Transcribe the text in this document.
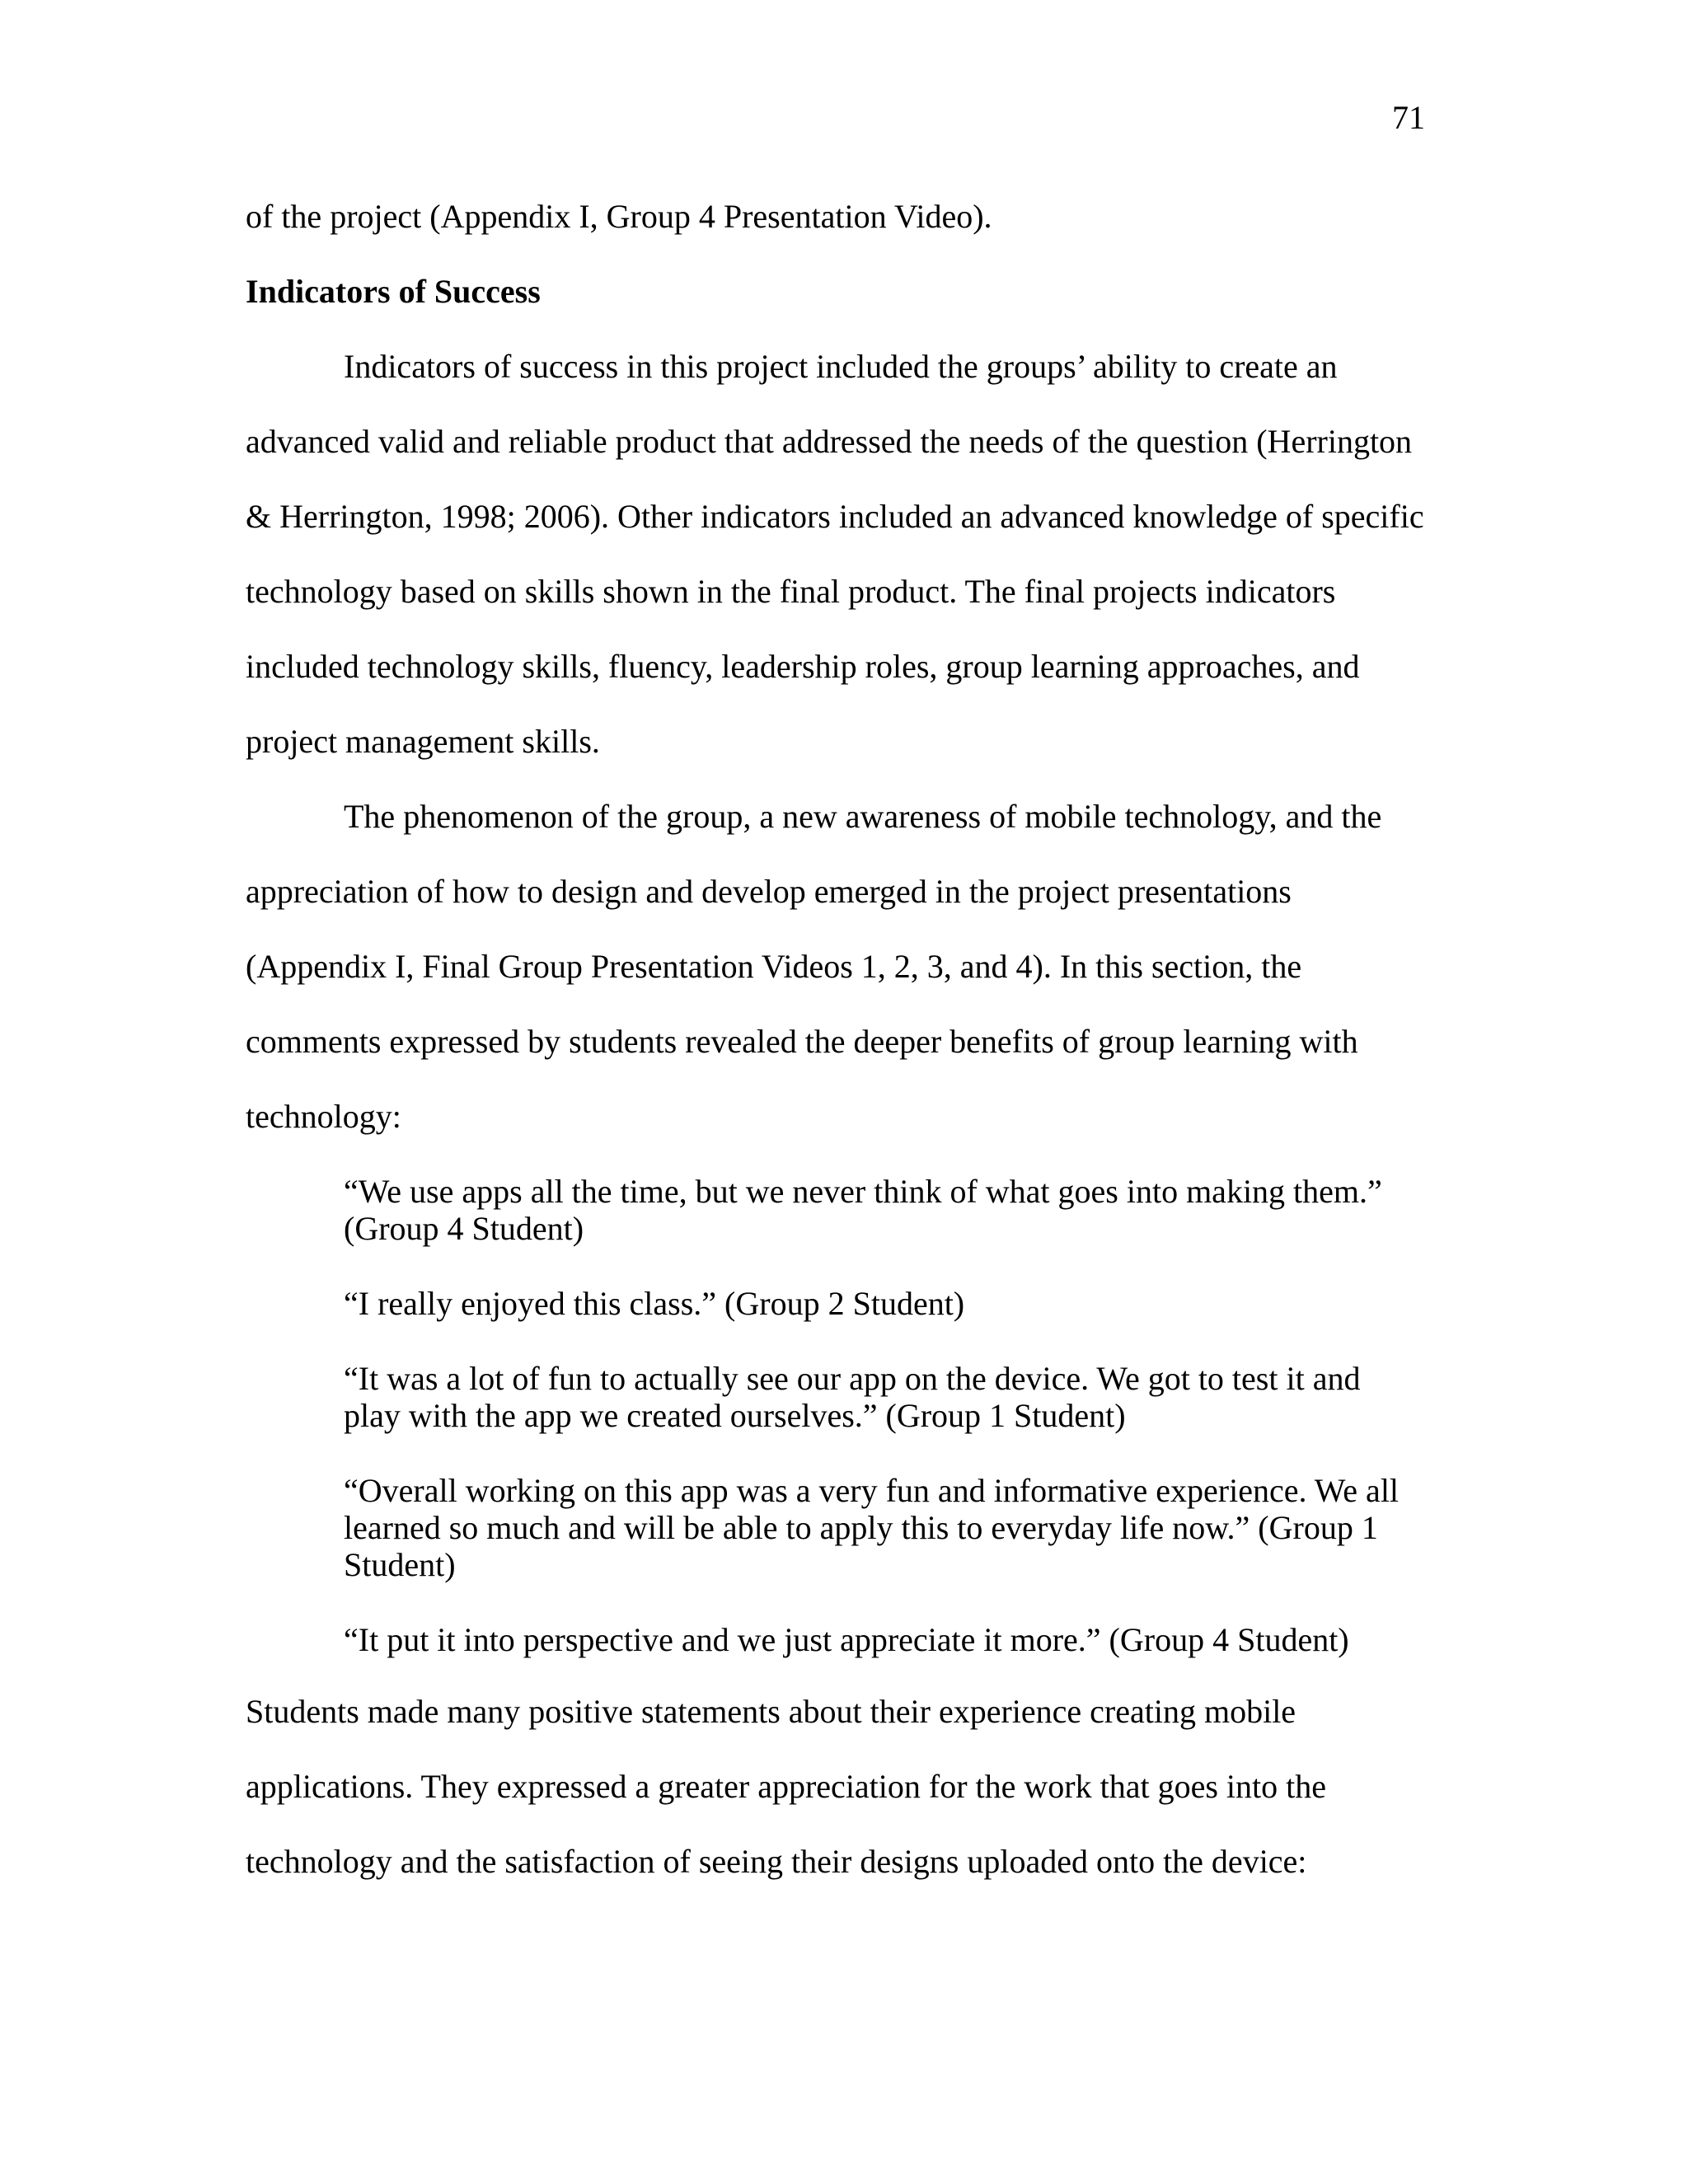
71

of the project (Appendix I, Group 4 Presentation Video).

Indicators of Success

Indicators of success in this project included the groups’ ability to create an

advanced valid and reliable product that addressed the needs of the question (Herrington

& Herrington, 1998; 2006). Other indicators included an advanced knowledge of specific

technology based on skills shown in the final product. The final projects indicators

included technology skills, fluency, leadership roles, group learning approaches, and

project management skills.

The phenomenon of the group, a new awareness of mobile technology, and the

appreciation of how to design and develop emerged in the project presentations

(Appendix I, Final Group Presentation Videos 1, 2, 3, and 4). In this section, the

comments expressed by students revealed the deeper benefits of group learning with

technology:

“We use apps all the time, but we never think of what goes into making them.”

(Group 4 Student)

“I really enjoyed this class.” (Group 2 Student)

“It was a lot of fun to actually see our app on the device. We got to test it and

play with the app we created ourselves.” (Group 1 Student)

“Overall working on this app was a very fun and informative experience. We all

learned so much and will be able to apply this to everyday life now.” (Group 1

Student)

“It put it into perspective and we just appreciate it more.” (Group 4 Student)

Students made many positive statements about their experience creating mobile

applications. They expressed a greater appreciation for the work that goes into the

technology and the satisfaction of seeing their designs uploaded onto the device:
